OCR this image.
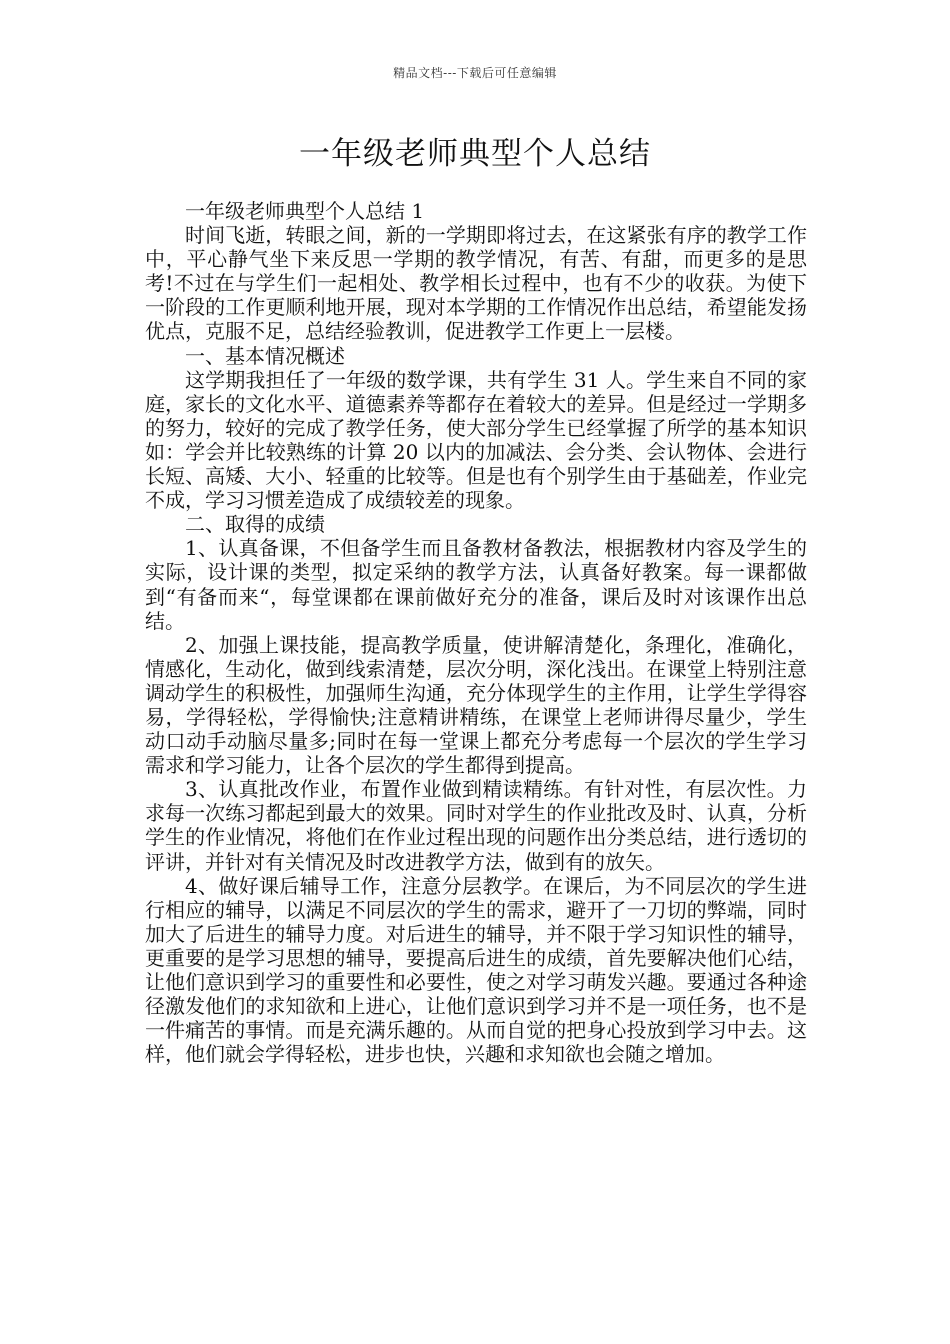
精品文档---下载后可任意编辑
一年级老师典型个人总结

一年级老师典型个人总结 1

时间飞逝，转眼之间，新的一学期即将过去，在这紧张有序的教学工作中，平心静气坐下来反思一学期的教学情况，有苦、有甜，而更多的是思考!不过在与学生们一起相处、教学相长过程中，也有不少的收获。为使下一阶段的工作更顺利地开展，现对本学期的工作情况作出总结，希望能发扬优点，克服不足，总结经验教训，促进教学工作更上一层楼。

一、基本情况概述

这学期我担任了一年级的数学课，共有学生 31 人。学生来自不同的家庭，家长的文化水平、道德素养等都存在着较大的差异。但是经过一学期多的努力，较好的完成了教学任务，使大部分学生已经掌握了所学的基本知识如：学会并比较熟练的计算 20 以内的加减法、会分类、会认物体、会进行长短、高矮、大小、轻重的比较等。但是也有个别学生由于基础差，作业完不成，学习习惯差造成了成绩较差的现象。

二、取得的成绩

1、认真备课，不但备学生而且备教材备教法，根据教材内容及学生的实际，设计课的类型，拟定采纳的教学方法，认真备好教案。每一课都做到“有备而来“，每堂课都在课前做好充分的准备，课后及时对该课作出总结。

2、加强上课技能，提高教学质量，使讲解清楚化，条理化，准确化，情感化，生动化，做到线索清楚，层次分明，深化浅出。在课堂上特别注意调动学生的积极性，加强师生沟通，充分体现学生的主作用，让学生学得容易，学得轻松，学得愉快;注意精讲精练，在课堂上老师讲得尽量少，学生动口动手动脑尽量多;同时在每一堂课上都充分考虑每一个层次的学生学习需求和学习能力，让各个层次的学生都得到提高。

3、认真批改作业，布置作业做到精读精练。有针对性，有层次性。力求每一次练习都起到最大的效果。同时对学生的作业批改及时、认真，分析学生的作业情况，将他们在作业过程出现的问题作出分类总结，进行透切的评讲，并针对有关情况及时改进教学方法，做到有的放矢。

4、做好课后辅导工作，注意分层教学。在课后，为不同层次的学生进行相应的辅导，以满足不同层次的学生的需求，避开了一刀切的弊端，同时加大了后进生的辅导力度。对后进生的辅导，并不限于学习知识性的辅导，更重要的是学习思想的辅导，要提高后进生的成绩，首先要解决他们心结，让他们意识到学习的重要性和必要性，使之对学习萌发兴趣。要通过各种途径激发他们的求知欲和上进心，让他们意识到学习并不是一项任务，也不是一件痛苦的事情。而是充满乐趣的。从而自觉的把身心投放到学习中去。这样，他们就会学得轻松，进步也快，兴趣和求知欲也会随之增加。
